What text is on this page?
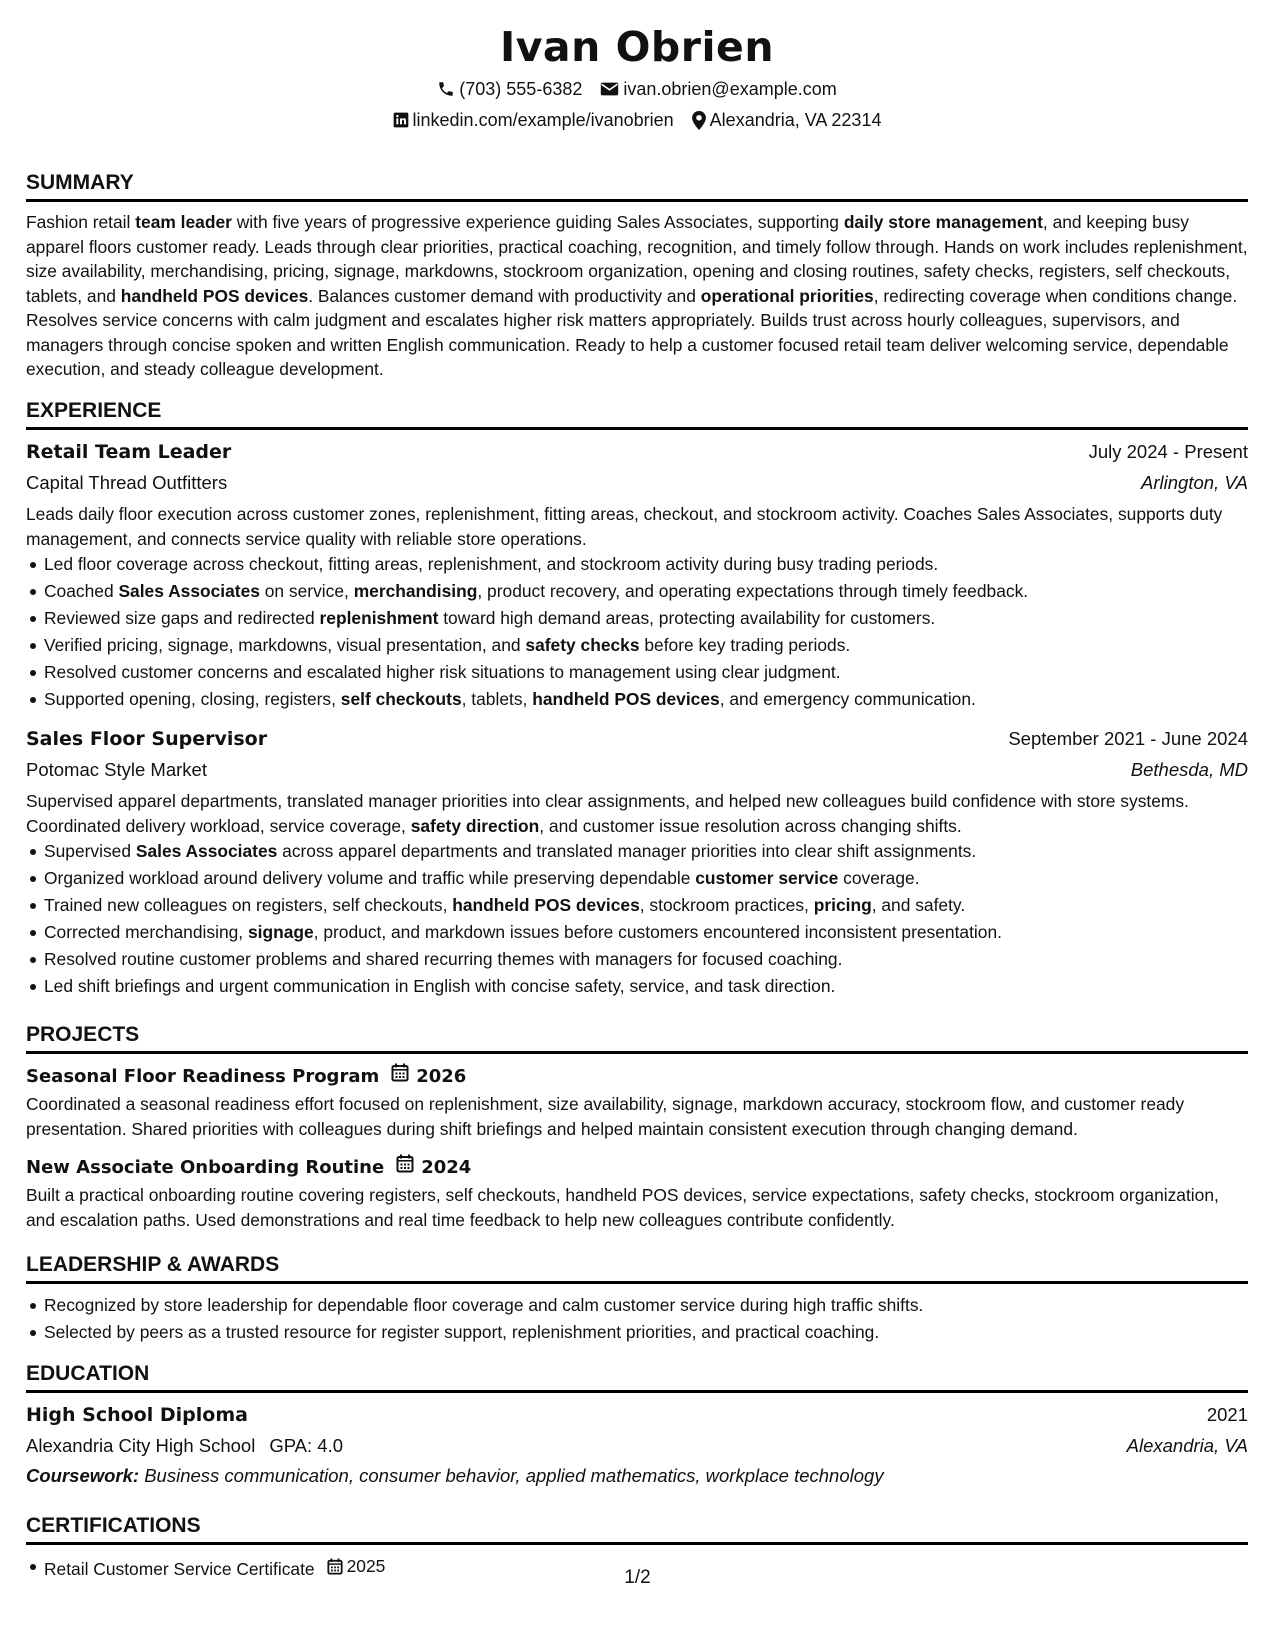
Ivan Obrien
(703) 555-6382 ivan.obrien@example.com
linkedin.com/example/ivanobrien Alexandria, VA 22314
SUMMARY
Fashion retail team leader with five years of progressive experience guiding Sales Associates, supporting daily store management, and keeping busy apparel floors customer ready. Leads through clear priorities, practical coaching, recognition, and timely follow through. Hands on work includes replenishment, size availability, merchandising, pricing, signage, markdowns, stockroom organization, opening and closing routines, safety checks, registers, self checkouts, tablets, and handheld POS devices. Balances customer demand with productivity and operational priorities, redirecting coverage when conditions change. Resolves service concerns with calm judgment and escalates higher risk matters appropriately. Builds trust across hourly colleagues, supervisors, and managers through concise spoken and written English communication. Ready to help a customer focused retail team deliver welcoming service, dependable execution, and steady colleague development.
EXPERIENCE
Retail Team Leader	July 2024 - Present
Capital Thread Outfitters	Arlington, VA
Leads daily floor execution across customer zones, replenishment, fitting areas, checkout, and stockroom activity. Coaches Sales Associates, supports duty management, and connects service quality with reliable store operations.
Led floor coverage across checkout, fitting areas, replenishment, and stockroom activity during busy trading periods.
Coached Sales Associates on service, merchandising, product recovery, and operating expectations through timely feedback.
Reviewed size gaps and redirected replenishment toward high demand areas, protecting availability for customers.
Verified pricing, signage, markdowns, visual presentation, and safety checks before key trading periods.
Resolved customer concerns and escalated higher risk situations to management using clear judgment.
Supported opening, closing, registers, self checkouts, tablets, handheld POS devices, and emergency communication.
Sales Floor Supervisor	September 2021 - June 2024
Potomac Style Market	Bethesda, MD
Supervised apparel departments, translated manager priorities into clear assignments, and helped new colleagues build confidence with store systems. Coordinated delivery workload, service coverage, safety direction, and customer issue resolution across changing shifts.
Supervised Sales Associates across apparel departments and translated manager priorities into clear shift assignments.
Organized workload around delivery volume and traffic while preserving dependable customer service coverage.
Trained new colleagues on registers, self checkouts, handheld POS devices, stockroom practices, pricing, and safety.
Corrected merchandising, signage, product, and markdown issues before customers encountered inconsistent presentation.
Resolved routine customer problems and shared recurring themes with managers for focused coaching.
Led shift briefings and urgent communication in English with concise safety, service, and task direction.
PROJECTS
Seasonal Floor Readiness Program 2026
Coordinated a seasonal readiness effort focused on replenishment, size availability, signage, markdown accuracy, stockroom flow, and customer ready presentation. Shared priorities with colleagues during shift briefings and helped maintain consistent execution through changing demand.
New Associate Onboarding Routine 2024
Built a practical onboarding routine covering registers, self checkouts, handheld POS devices, service expectations, safety checks, stockroom organization, and escalation paths. Used demonstrations and real time feedback to help new colleagues contribute confidently.
LEADERSHIP & AWARDS
Recognized by store leadership for dependable floor coverage and calm customer service during high traffic shifts.
Selected by peers as a trusted resource for register support, replenishment priorities, and practical coaching.
EDUCATION
High School Diploma	2021
Alexandria City High School GPA: 4.0	Alexandria, VA
Coursework: Business communication, consumer behavior, applied mathematics, workplace technology
CERTIFICATIONS
Retail Customer Service Certificate 2025
1/2
